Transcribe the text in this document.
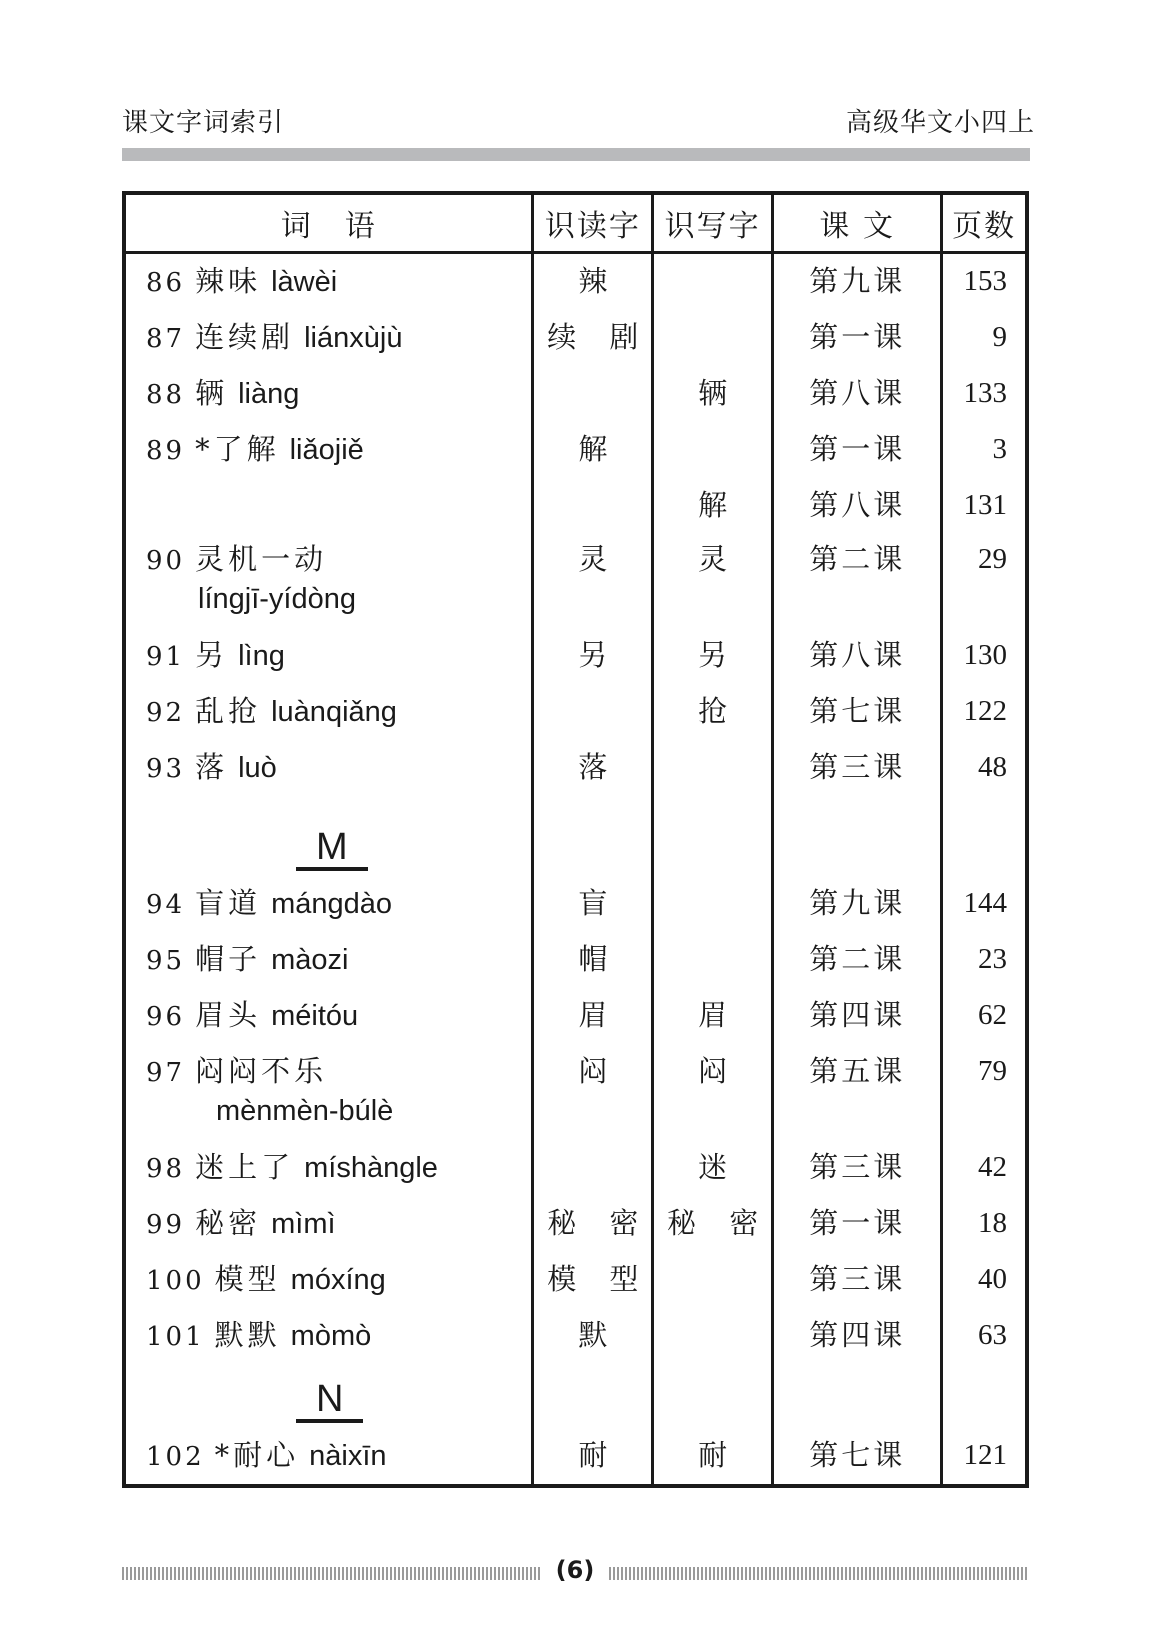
课文字词索引	高级华文小四上
词　语	识读字	识写字	课 文	页数
86 辣味 làwèi	辣		第九课	153
87 连续剧 liánxùjù	续 剧		第一课	9
88 辆 liàng		辆	第八课	133
89 *了解 liǎojiě	解		第一课	3
		解	第八课	131
90 灵机一动
língjī-yídòng	灵	灵	第二课	29
91 另 lìng	另	另	第八课	130
92 乱抢 luànqiǎng		抢	第七课	122
93 落 luò	落		第三课	48
M				
94 盲道 mángdào	盲		第九课	144
95 帽子 màozi	帽		第二课	23
96 眉头 méitóu	眉	眉	第四课	62
97 闷闷不乐
mènmèn-búlè	闷	闷	第五课	79
98 迷上了 míshàngle		迷	第三课	42
99 秘密 mìmì	秘 密	秘 密	第一课	18
100 模型 móxíng	模 型		第三课	40
101 默默 mòmò	默		第四课	63
N				
102 *耐心 nàixīn	耐	耐	第七课	121
(6)
